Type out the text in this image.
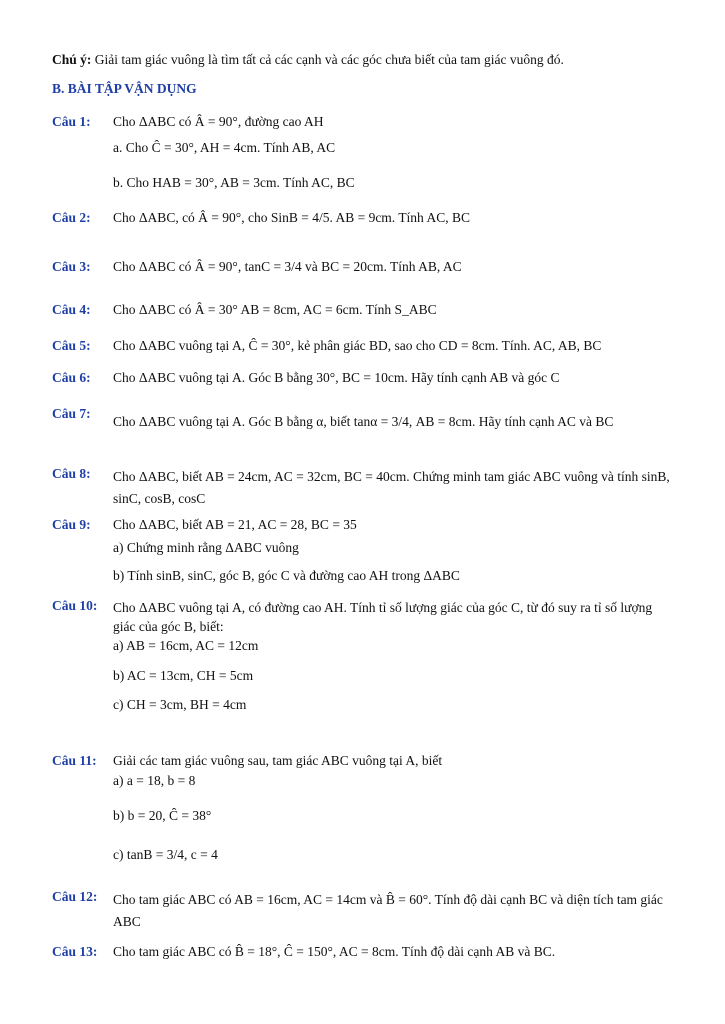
Chú ý: Giải tam giác vuông là tìm tất cả các cạnh và các góc chưa biết của tam giác vuông đó.
B. BÀI TẬP VẬN DỤNG
Câu 1:
Câu 2:
Câu 3:
Câu 4:
Câu 5:
Câu 6:
Câu 7:
Câu 8:
Câu 9:
Câu 10:
Câu 11:
Câu 12:
Câu 13:
Cho ΔABC có Â = 90°, đường cao AH
a. Cho Ĉ = 30°, AH = 4cm. Tính AB, AC
b. Cho HAB = 30°, AB = 3cm. Tính AC, BC
Cho ΔABC, có Â = 90°, cho SinB = 4/5. AB = 9cm. Tính AC, BC
Cho ΔABC có Â = 90°, tanC = 3/4 và BC = 20cm. Tính AB, AC
Cho ΔABC có Â = 30° AB = 8cm, AC = 6cm. Tính S_ABC
Cho ΔABC vuông tại A, Ĉ = 30°, kẻ phân giác BD, sao cho CD = 8cm. Tính. AC, AB, BC
Cho ΔABC vuông tại A. Góc B bằng 30°, BC = 10cm. Hãy tính cạnh AB và góc C
Cho ΔABC vuông tại A. Góc B bằng α, biết tanα = 3/4, AB = 8cm. Hãy tính cạnh AC và BC
Cho ΔABC, biết AB = 24cm, AC = 32cm, BC = 40cm. Chứng minh tam giác ABC vuông và tính sinB, sinC, cosB, cosC
Cho ΔABC, biết AB = 21, AC = 28, BC = 35
a) Chứng minh rằng ΔABC vuông
b) Tính sinB, sinC, góc B, góc C và đường cao AH trong ΔABC
Cho ΔABC vuông tại A, có đường cao AH. Tính tỉ số lượng giác của góc C, từ đó suy ra tỉ số lượng giác của góc B, biết:
a) AB = 16cm, AC = 12cm
b) AC = 13cm, CH = 5cm
c) CH = 3cm, BH = 4cm
Giải các tam giác vuông sau, tam giác ABC vuông tại A, biết
a) a = 18, b = 8
b) b = 20, Ĉ = 38°
c) tanB = 3/4, c = 4
Cho tam giác ABC có AB = 16cm, AC = 14cm và B̂ = 60°. Tính độ dài cạnh BC và diện tích tam giác ABC
Cho tam giác ABC có B̂ = 18°, Ĉ = 150°, AC = 8cm. Tính độ dài cạnh AB và BC.
